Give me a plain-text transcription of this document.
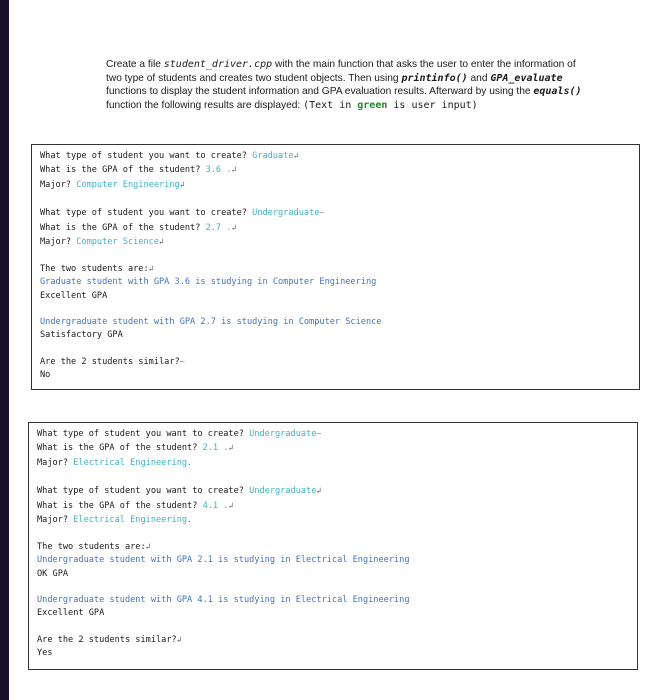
Create a file student_driver.cpp with the main function that asks the user to enter the information of two type of students and creates two student objects. Then using printinfo() and GPA_evaluate functions to display the student information and GPA evaluation results. Afterward by using the equals() function the following results are displayed: (Text in green is user input)
What type of student you want to create? Graduate↲
What is the GPA of the student? 3.6 .↲
Major? Computer Engineering↲
What type of student you want to create? Undergraduate–
What is the GPA of the student? 2.7 .↲
Major? Computer Science↲
The two students are:↲
Graduate student with GPA 3.6 is studying in Computer Engineering
Excellent GPA
Undergraduate student with GPA 2.7 is studying in Computer Science
Satisfactory GPA
Are the 2 students similar?–
No
What type of student you want to create? Undergraduate–
What is the GPA of the student? 2.1 .↲
Major? Electrical Engineering.
What type of student you want to create? Undergraduate↲
What is the GPA of the student? 4.1 .↲
Major? Electrical Engineering.
The two students are:↲
Undergraduate student with GPA 2.1 is studying in Electrical Engineering
OK GPA
Undergraduate student with GPA 4.1 is studying in Electrical Engineering
Excellent GPA
Are the 2 students similar?↲
Yes
